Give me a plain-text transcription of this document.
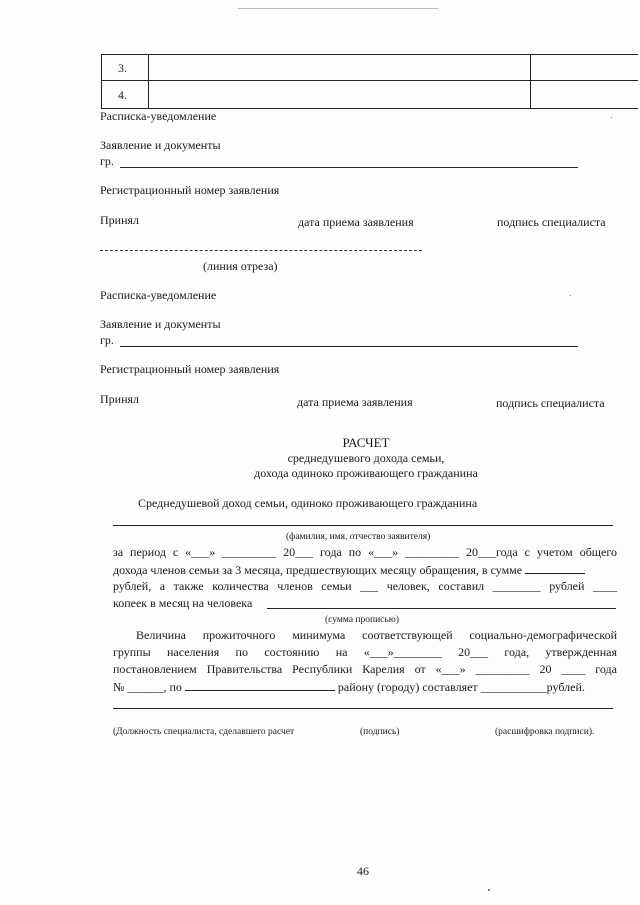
3.
4.
Расписка-уведомление
Заявление и документы
гр.
Регистрационный номер заявления
Принял	дата приема заявления	подпись специалиста
(линия отреза)
Расписка-уведомление
Заявление и документы
гр.
Регистрационный номер заявления
Принял	дата приема заявления	подпись специалиста
РАСЧЕТ
среднедушевого дохода семьи,
дохода одиноко проживающего гражданина
Среднедушевой доход семьи, одиноко проживающего гражданина
(фамилия, имя, отчество заявителя)
за период с «___» _________ 20___ года по «___» _________ 20___года с учетом общего
дохода членов семьи за 3 месяца, предшествующих месяцу обращения, в сумме
рублей, а также количества членов семьи ___ человек, составил ________ рублей ____
копеек в месяц на человека
(сумма прописью)
Величина прожиточного минимума соответствующей социально-демографической
группы населения по состоянию на «___»________ 20___ года, утвержденная
постановлением Правительства Республики Карелия от «___» _________ 20 ____ года
№ ______, по	району (городу) составляет ___________рублей.
(Должность специалиста, сделавшего расчет	(подпись)	(расшифровка подписи).
46
